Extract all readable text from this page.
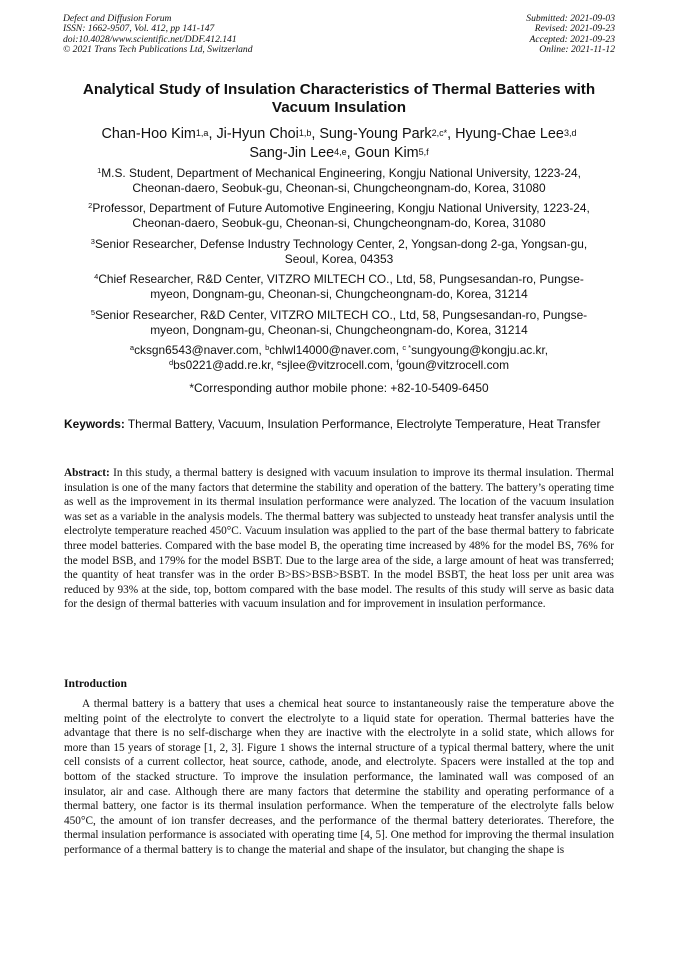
Defect and Diffusion Forum
ISSN: 1662-9507, Vol. 412, pp 141-147
doi:10.4028/www.scientific.net/DDF.412.141
© 2021 Trans Tech Publications Ltd, Switzerland
Submitted: 2021-09-03
Revised: 2021-09-23
Accepted: 2021-09-23
Online: 2021-11-12
Analytical Study of Insulation Characteristics of Thermal Batteries with
Vacuum Insulation
Chan-Hoo Kim$^{1,a}$, Ji-Hyun Choi$^{1,b}$, Sung-Young Park$^{2,c*}$, Hyung-Chae Lee$^{3,d}$
Sang-Jin Lee$^{4,e}$, Goun Kim$^{5,f}$
$^1$M.S. Student, Department of Mechanical Engineering, Kongju National University, 1223-24,
Cheonan-daero, Seobuk-gu, Cheonan-si, Chungcheongnam-do, Korea, 31080
$^2$Professor, Department of Future Automotive Engineering, Kongju National University, 1223-24,
Cheonan-daero, Seobuk-gu, Cheonan-si, Chungcheongnam-do, Korea, 31080
$^3$Senior Researcher, Defense Industry Technology Center, 2, Yongsan-dong 2-ga, Yongsan-gu,
Seoul, Korea, 04353
$^4$Chief Researcher, R&D Center, VITZRO MILTECH CO., Ltd, 58, Pungsesandan-ro, Pungse-
myeon, Dongnam-gu, Cheonan-si, Chungcheongnam-do, Korea, 31214
$^5$Senior Researcher, R&D Center, VITZRO MILTECH CO., Ltd, 58, Pungsesandan-ro, Pungse-
myeon, Dongnam-gu, Cheonan-si, Chungcheongnam-do, Korea, 31214
$^a$cksgn6543@naver.com, $^b$chlwl14000@naver.com, $^{c *}$sungyoung@kongju.ac.kr,
$^d$bs0221@add.re.kr, $^e$sjlee@vitzrocell.com, $^f$goun@vitzrocell.com
*Corresponding author mobile phone: +82-10-5409-6450
Keywords: Thermal Battery, Vacuum, Insulation Performance, Electrolyte Temperature, Heat Transfer
Abstract: In this study, a thermal battery is designed with vacuum insulation to improve its thermal insulation. Thermal insulation is one of the many factors that determine the stability and operation of the battery. The battery’s operating time as well as the improvement in its thermal insulation performance were analyzed. The location of the vacuum insulation was set as a variable in the analysis models. The thermal battery was subjected to unsteady heat transfer analysis until the electrolyte temperature reached 450°C. Vacuum insulation was applied to the part of the base thermal battery to fabricate three model batteries. Compared with the base model B, the operating time increased by 48% for the model BS, 76% for the model BSB, and 179% for the model BSBT. Due to the large area of the side, a large amount of heat was transferred; the quantity of heat transfer was in the order B>BS>BSB>BSBT. In the model BSBT, the heat loss per unit area was reduced by 93% at the side, top, bottom compared with the base model. The results of this study will serve as basic data for the design of thermal batteries with vacuum insulation and for improvement in insulation performance.
Introduction
A thermal battery is a battery that uses a chemical heat source to instantaneously raise the temperature above the melting point of the electrolyte to convert the electrolyte to a liquid state for operation. Thermal batteries have the advantage that there is no self-discharge when they are inactive with the electrolyte in a solid state, which allows for more than 15 years of storage [1, 2, 3]. Figure 1 shows the internal structure of a typical thermal battery, where the unit cell consists of a current collector, heat source, cathode, anode, and electrolyte. Spacers were installed at the top and bottom of the stacked structure. To improve the insulation performance, the laminated wall was composed of an insulator, air and case. Although there are many factors that determine the stability and operating performance of a thermal battery, one factor is its thermal insulation performance. When the temperature of the electrolyte falls below 450°C, the amount of ion transfer decreases, and the performance of the thermal battery deteriorates. Therefore, the thermal insulation performance is associated with operating time [4, 5]. One method for improving the thermal insulation performance of a thermal battery is to change the material and shape of the insulator, but changing the shape is
